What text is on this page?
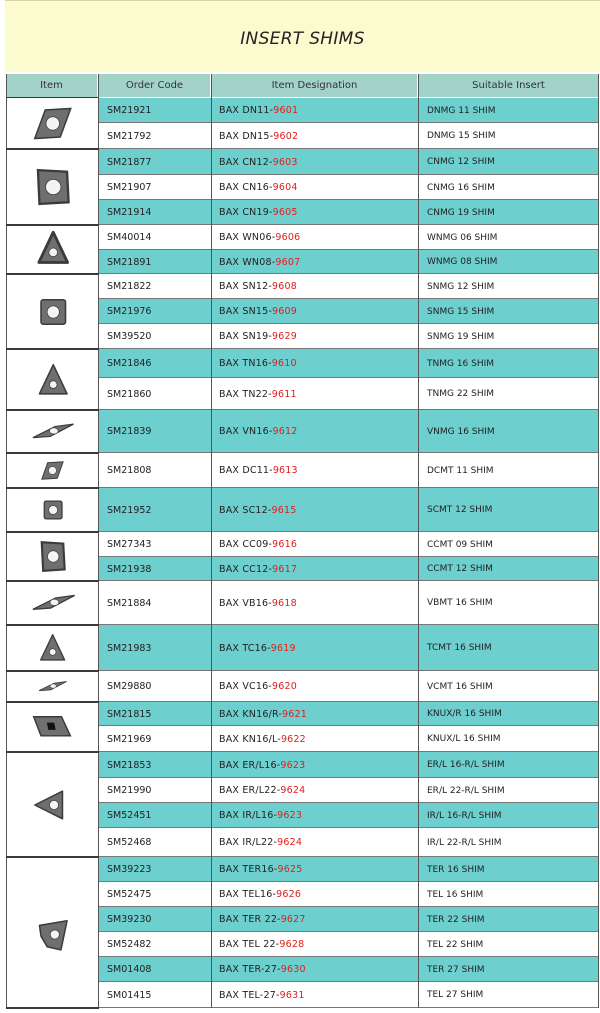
INSERT SHIMS
Item	Order Code	Item Designation	Suitable Insert
SM21921	BAX DN11- 9601	DNMG 11 SHIM
SM21792	BAX DN15- 9602	DNMG 15 SHIM
SM21877	BAX CN12- 9603	CNMG 12 SHIM
SM21907	BAX CN16- 9604	CNMG 16 SHIM
SM21914	BAX CN19- 9605	CNMG 19 SHIM
SM40014	BAX WN06- 9606	WNMG 06 SHIM
SM21891	BAX WN08- 9607	WNMG 08 SHIM
SM21822	BAX SN12- 9608	SNMG 12 SHIM
SM21976	BAX SN15- 9609	SNMG 15 SHIM
SM39520	BAX SN19- 9629	SNMG 19 SHIM
SM21846	BAX TN16- 9610	TNMG 16 SHIM
SM21860	BAX TN22- 9611	TNMG 22 SHIM
SM21839	BAX VN16- 9612	VNMG 16 SHIM
SM21808	BAX DC11- 9613	DCMT 11 SHIM
SM21952	BAX SC12- 9615	SCMT 12 SHIM
SM27343	BAX CC09- 9616	CCMT 09 SHIM
SM21938	BAX CC12- 9617	CCMT 12 SHIM
SM21884	BAX VB16- 9618	VBMT 16 SHIM
SM21983	BAX TC16- 9619	TCMT 16 SHIM
SM29880	BAX VC16- 9620	VCMT 16 SHIM
SM21815	BAX KN16/R- 9621	KNUX/R 16 SHIM
SM21969	BAX KN16/L- 9622	KNUX/L 16 SHIM
SM21853	BAX ER/L16- 9623	ER/L 16-R/L SHIM
SM21990	BAX ER/L22- 9624	ER/L 22-R/L SHIM
SM52451	BAX IR/L16- 9623	IR/L 16-R/L SHIM
SM52468	BAX IR/L22- 9624	IR/L 22-R/L SHIM
SM39223	BAX TER16- 9625	TER 16 SHIM
SM52475	BAX TEL16- 9626	TEL 16 SHIM
SM39230	BAX TER 22- 9627	TER 22 SHIM
SM52482	BAX TEL 22- 9628	TEL 22 SHIM
SM01408	BAX TER-27- 9630	TER 27 SHIM
SM01415	BAX TEL-27- 9631	TEL 27 SHIM
